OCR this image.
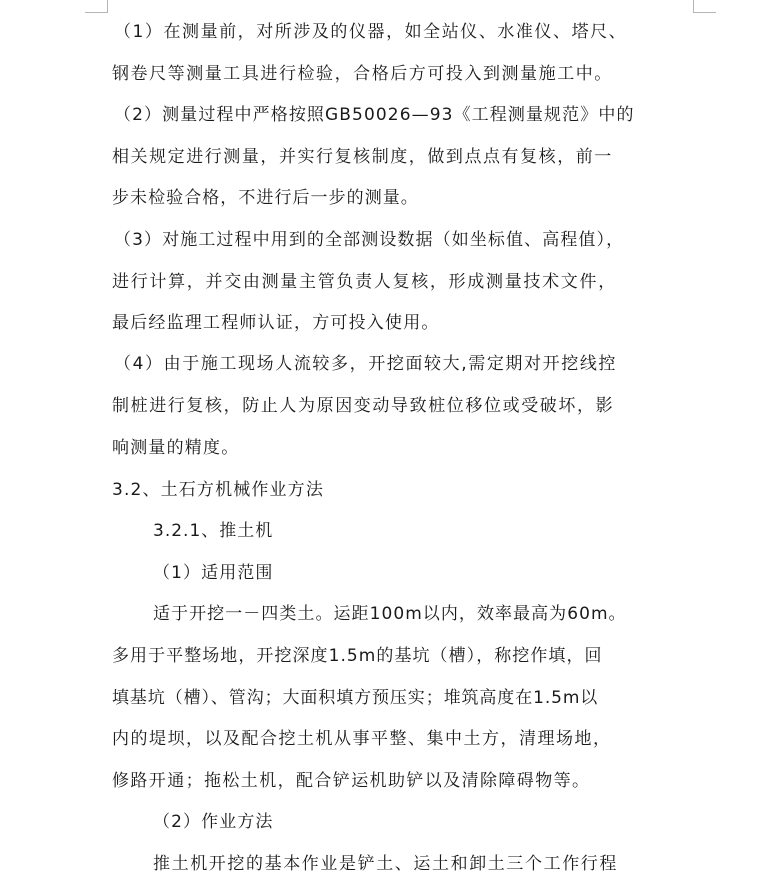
（1）在测量前，对所涉及的仪器，如全站仪、水准仪、塔尺、
钢卷尺等测量工具进行检验，合格后方可投入到测量施工中。
（2）测量过程中严格按照GB50026—93《工程测量规范》中的
相关规定进行测量，并实行复核制度，做到点点有复核，前一
步未检验合格，不进行后一步的测量。
（3）对施工过程中用到的全部测设数据（如坐标值、高程值），
进行计算，并交由测量主管负责人复核，形成测量技术文件，
最后经监理工程师认证，方可投入使用。
（4）由于施工现场人流较多，开挖面较大,需定期对开挖线控
制桩进行复核，防止人为原因变动导致桩位移位或受破坏，影
响测量的精度。
3.2、土石方机械作业方法
3.2.1、推土机
（1）适用范围
适于开挖一－四类土。运距100m以内，效率最高为60m。
多用于平整场地，开挖深度1.5m的基坑（槽），称挖作填，回
填基坑（槽）、管沟；大面积填方预压实；堆筑高度在1.5m以
内的堤坝，以及配合挖土机从事平整、集中土方，清理场地，
修路开通；拖松土机，配合铲运机助铲以及清除障碍物等。
（2）作业方法
推土机开挖的基本作业是铲土、运土和卸土三个工作行程
